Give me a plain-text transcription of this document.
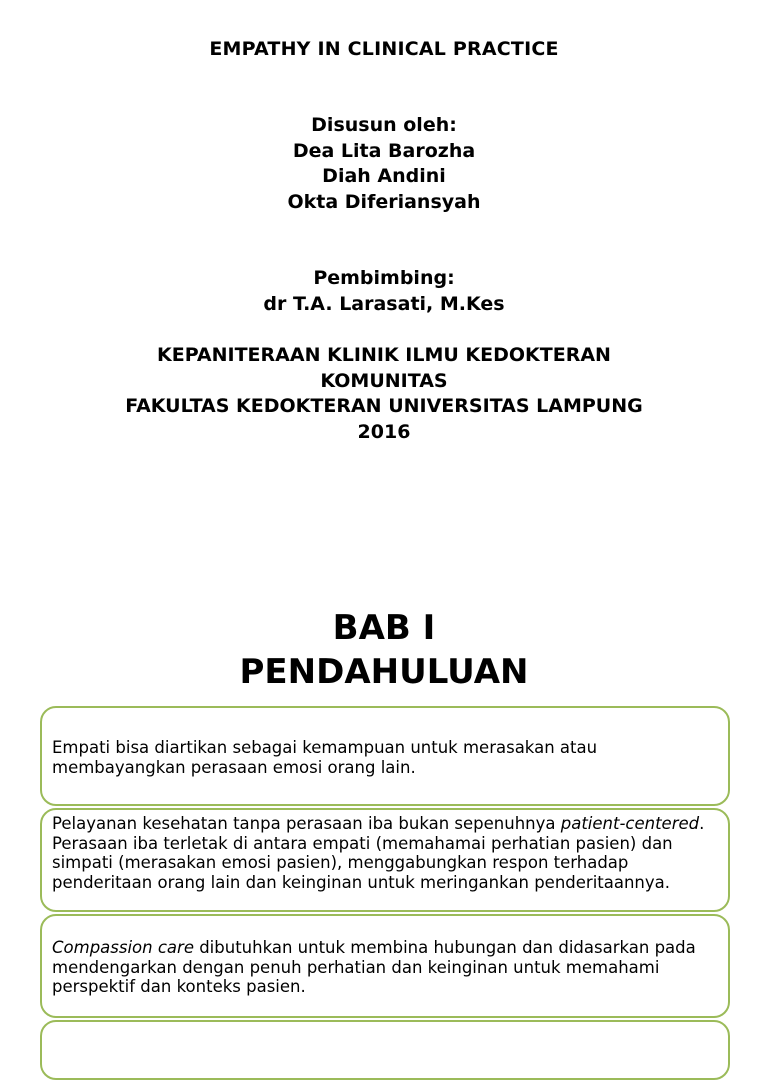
EMPATHY IN CLINICAL PRACTICE
Disusun oleh:
Dea Lita Barozha
Diah Andini
Okta Diferiansyah
Pembimbing:
dr T.A. Larasati, M.Kes
KEPANITERAAN KLINIK ILMU KEDOKTERAN
KOMUNITAS
FAKULTAS KEDOKTERAN UNIVERSITAS LAMPUNG
2016
BAB I
PENDAHULUAN

Empati bisa diartikan sebagai kemampuan untuk merasakan atau membayangkan perasaan emosi orang lain.

Pelayanan kesehatan tanpa perasaan iba bukan sepenuhnya patient-centered. Perasaan iba terletak di antara empati (memahamai perhatian pasien) dan simpati (merasakan emosi pasien), menggabungkan respon terhadap penderitaan orang lain dan keinginan untuk meringankan penderitaannya.

Compassion care dibutuhkan untuk membina hubungan dan didasarkan pada mendengarkan dengan penuh perhatian dan keinginan untuk memahami perspektif dan konteks pasien.
